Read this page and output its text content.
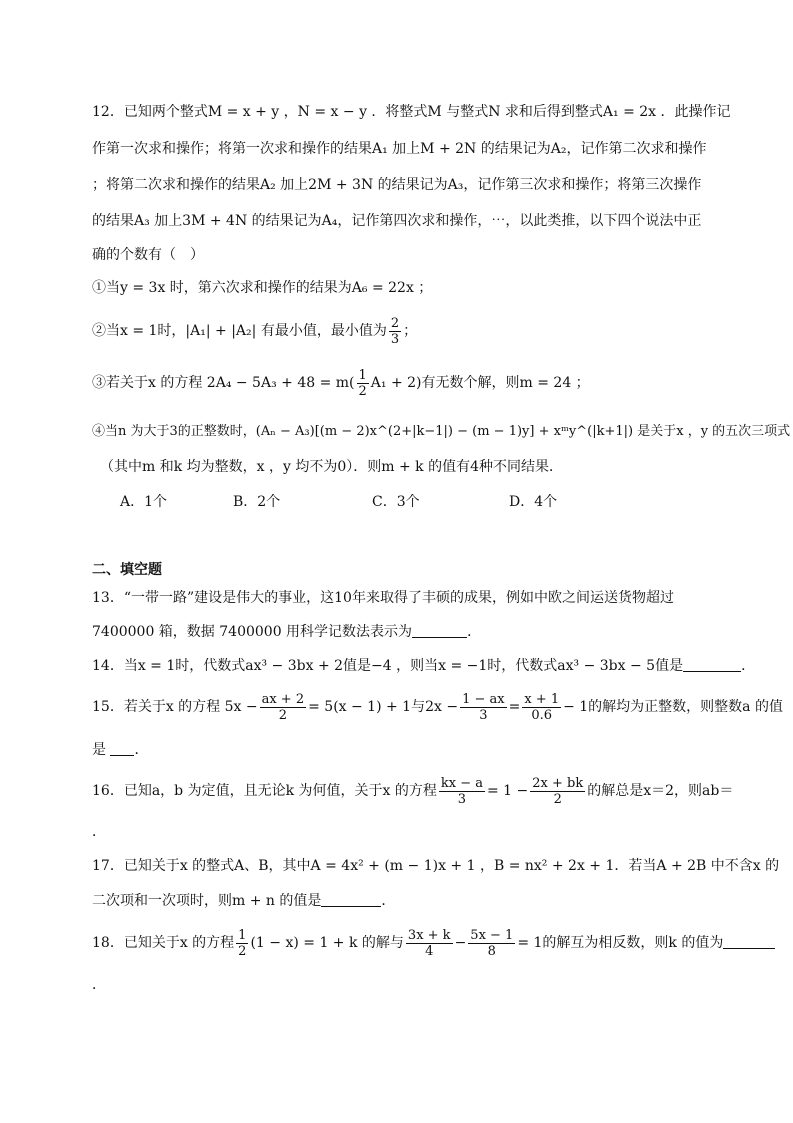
12．已知两个整式M = x + y ，N = x − y ．将整式M 与整式N 求和后得到整式A₁ = 2x ．此操作记
作第一次求和操作；将第一次求和操作的结果A₁ 加上M + 2N 的结果记为A₂，记作第二次求和操作
；将第二次求和操作的结果A₂ 加上2M + 3N 的结果记为A₃，记作第三次求和操作；将第三次操作
的结果A₃ 加上3M + 4N 的结果记为A₄，记作第四次求和操作，⋯，以此类推，以下四个说法中正
确的个数有（　）
①当y = 3x 时，第六次求和操作的结果为A₆ = 22x ；
②当x = 1时，|A₁| + |A₂| 有最小值，最小值为 $\frac{2}{3}$ ；
③若关于x 的方程 $2A_4 - 5A_3 + 48 = m( \frac{1}{2} A_1 + 2)$有无数个解，则m = 24 ；
④当n 为大于3的正整数时，(Aₙ − A₃)[(m − 2)x^(2+|k−1|) − (m − 1)y] + xᵐy^(|k+1|) 是关于x ，y 的五次三项式
（其中m 和k 均为整数，x ，y 均不为0）．则m + k 的值有4种不同结果．
A．1个	B．2个	C．3个	D．4个
二、填空题
13．“一带一路”建设是伟大的事业，这10年来取得了丰硕的成果，例如中欧之间运送货物超过
7400000 箱，数据 7400000 用科学记数法表示为	．
14．当x = 1时，代数式ax³ − 3bx + 2值是−4 ，则当x = −1时，代数式ax³ − 3bx − 5值是	．
15．若关于x 的方程 $5x - \frac{ax + 2}{2} = 5(x - 1) + 1$与$2x - \frac{1 - ax}{3} = \frac{x + 1}{0.6} - 1$的解均为正整数，则整数a 的值
是 ．
16．已知a，b 为定值，且无论k 为何值，关于x 的方程 $\frac{kx - a}{3} = 1 - \frac{2x + bk}{2}$ 的解总是x＝2，则ab＝
．
17．已知关于x 的整式A、B，其中A = 4x² + (m − 1)x + 1 ，B = nx² + 2x + 1．若当A + 2B 中不含x 的
二次项和一次项时，则m + n 的值是	．
18．已知关于x 的方程 $\frac{1}{2} (1 - x) = 1 + k$ 的解与 $\frac{3x + k}{4} - \frac{5x - 1}{8} = 1$的解互为相反数，则k 的值为
．
